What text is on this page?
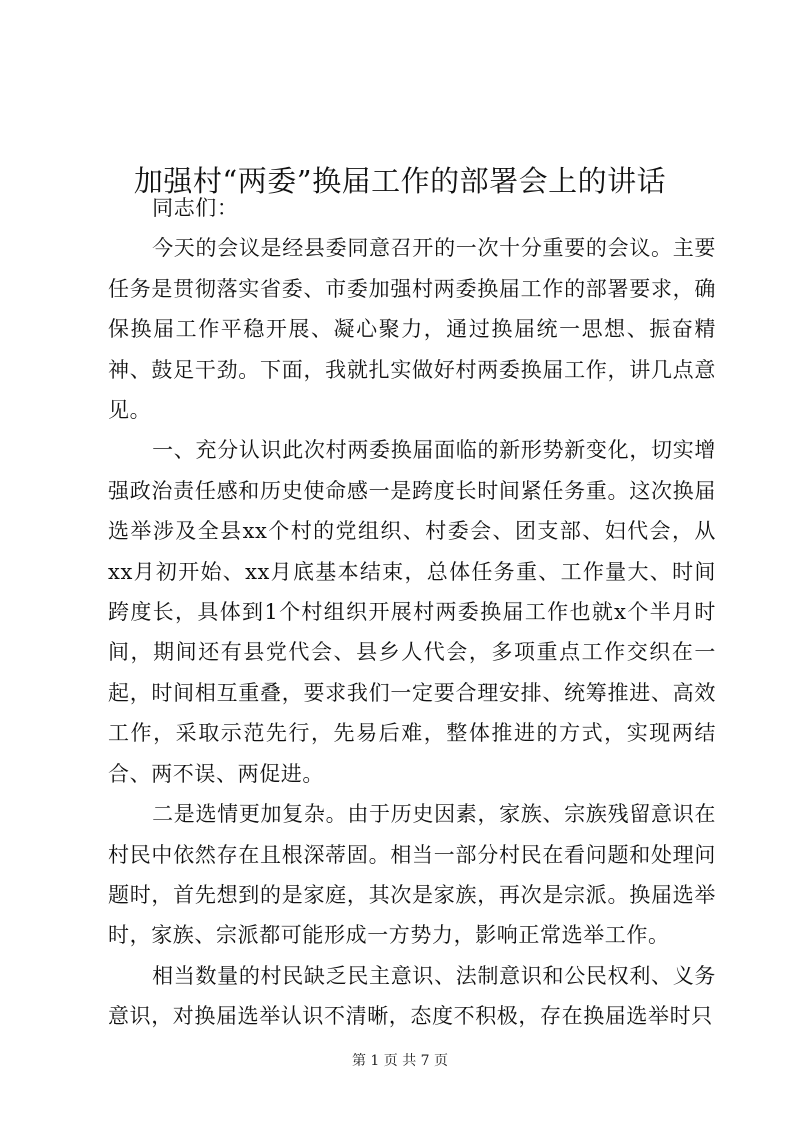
加强村“两委”换届工作的部署会上的讲话

同志们：

今天的会议是经县委同意召开的一次十分重要的会议。主要任务是贯彻落实省委、市委加强村两委换届工作的部署要求，确保换届工作平稳开展、凝心聚力，通过换届统一思想、振奋精神、鼓足干劲。下面，我就扎实做好村两委换届工作，讲几点意见。

一、充分认识此次村两委换届面临的新形势新变化，切实增强政治责任感和历史使命感一是跨度长时间紧任务重。这次换届选举涉及全县xx个村的党组织、村委会、团支部、妇代会，从xx月初开始、xx月底基本结束，总体任务重、工作量大、时间跨度长，具体到1个村组织开展村两委换届工作也就x个半月时间，期间还有县党代会、县乡人代会，多项重点工作交织在一起，时间相互重叠，要求我们一定要合理安排、统筹推进、高效工作，采取示范先行，先易后难，整体推进的方式，实现两结合、两不误、两促进。

二是选情更加复杂。由于历史因素，家族、宗族残留意识在村民中依然存在且根深蒂固。相当一部分村民在看问题和处理问题时，首先想到的是家庭，其次是家族，再次是宗派。换届选举时，家族、宗派都可能形成一方势力，影响正常选举工作。

相当数量的村民缺乏民主意识、法制意识和公民权利、义务意识，对换届选举认识不清晰，态度不积极，存在换届选举时只

第 1 页 共 7 页
